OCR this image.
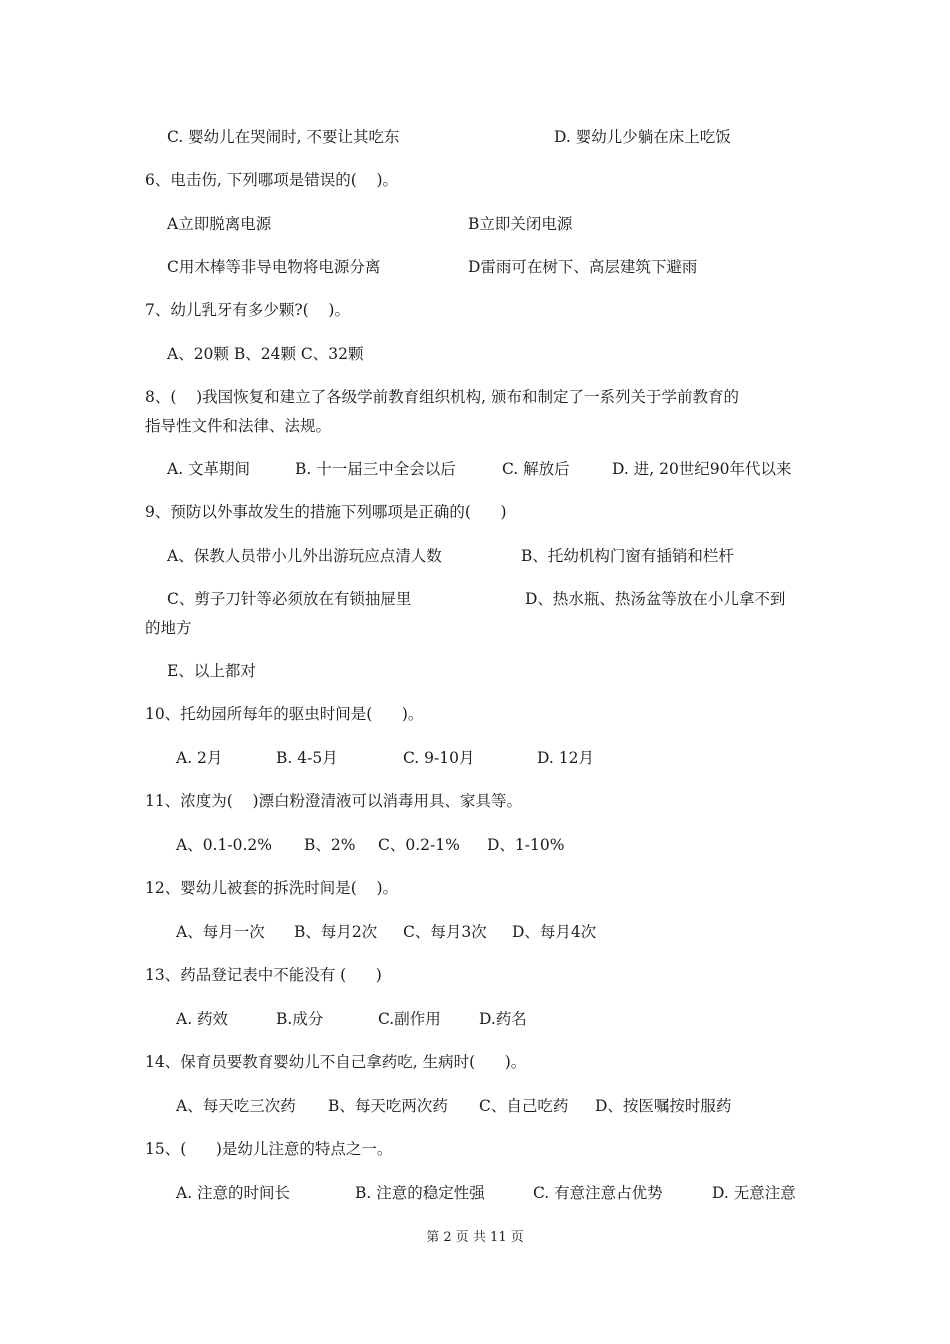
C. 婴幼儿在哭闹时, 不要让其吃东	D. 婴幼儿少躺在床上吃饭
6、电击伤, 下列哪项是错误的(    )。
A立即脱离电源	B立即关闭电源
C用木棒等非导电物将电源分离	D雷雨可在树下、高层建筑下避雨
7、幼儿乳牙有多少颗?(    )。
A、20颗 B、24颗 C、32颗
8、(    )我国恢复和建立了各级学前教育组织机构, 颁布和制定了一系列关于学前教育的
指导性文件和法律、法规。
A. 文革期间	B. 十一届三中全会以后	C. 解放后	D. 进, 20世纪90年代以来
9、预防以外事故发生的措施下列哪项是正确的(      )
A、保教人员带小儿外出游玩应点清人数	B、托幼机构门窗有插销和栏杆
C、剪子刀针等必须放在有锁抽屉里	D、热水瓶、热汤盆等放在小儿拿不到
的地方
E、以上都对
10、托幼园所每年的驱虫时间是(      )。
A. 2月	B. 4-5月	C. 9-10月	D. 12月
11、浓度为(    )漂白粉澄清液可以消毒用具、家具等。
A、0.1-0.2% B、2% C、0.2-1% D、1-10%
12、婴幼儿被套的拆洗时间是(    )。
A、每月一次 B、每月2次 C、每月3次 D、每月4次
13、药品登记表中不能没有 (      )
A. 药效	B.成分	C.副作用 D.药名
14、保育员要教育婴幼儿不自己拿药吃, 生病时(      )。
A、每天吃三次药 B、每天吃两次药 C、自己吃药 D、按医嘱按时服药
15、(      )是幼儿注意的特点之一。
A. 注意的时间长	B. 注意的稳定性强	C. 有意注意占优势	D. 无意注意
第 2 页 共 11 页
